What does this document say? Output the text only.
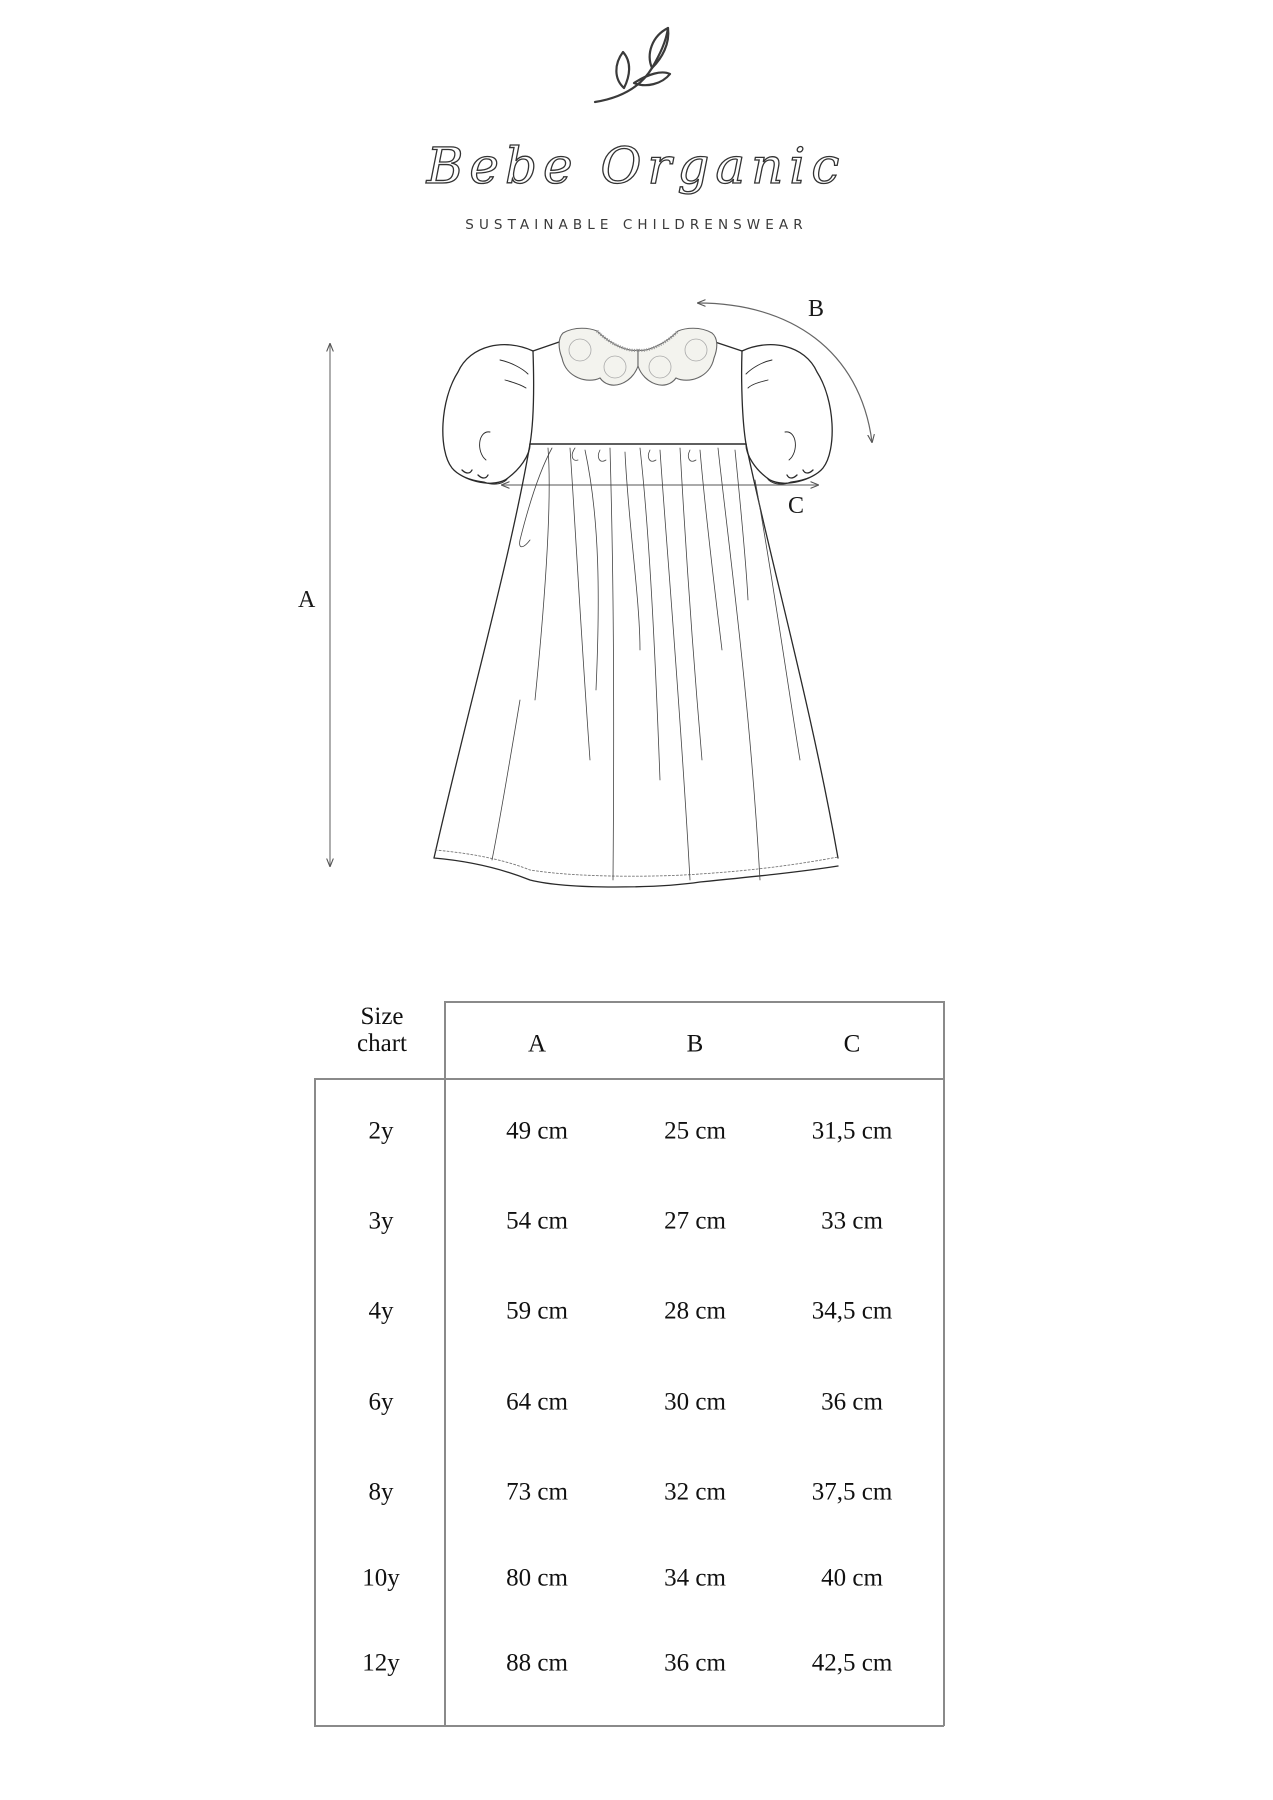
Bebe Organic
SUSTAINABLE CHILDRENSWEAR
A
B
C
Size
chart	A	B	C
2y	49 cm	25 cm	31,5 cm
3y	54 cm	27 cm	33 cm
4y	59 cm	28 cm	34,5 cm
6y	64 cm	30 cm	36 cm
8y	73 cm	32 cm	37,5 cm
10y	80 cm	34 cm	40 cm
12y	88 cm	36 cm	42,5 cm
